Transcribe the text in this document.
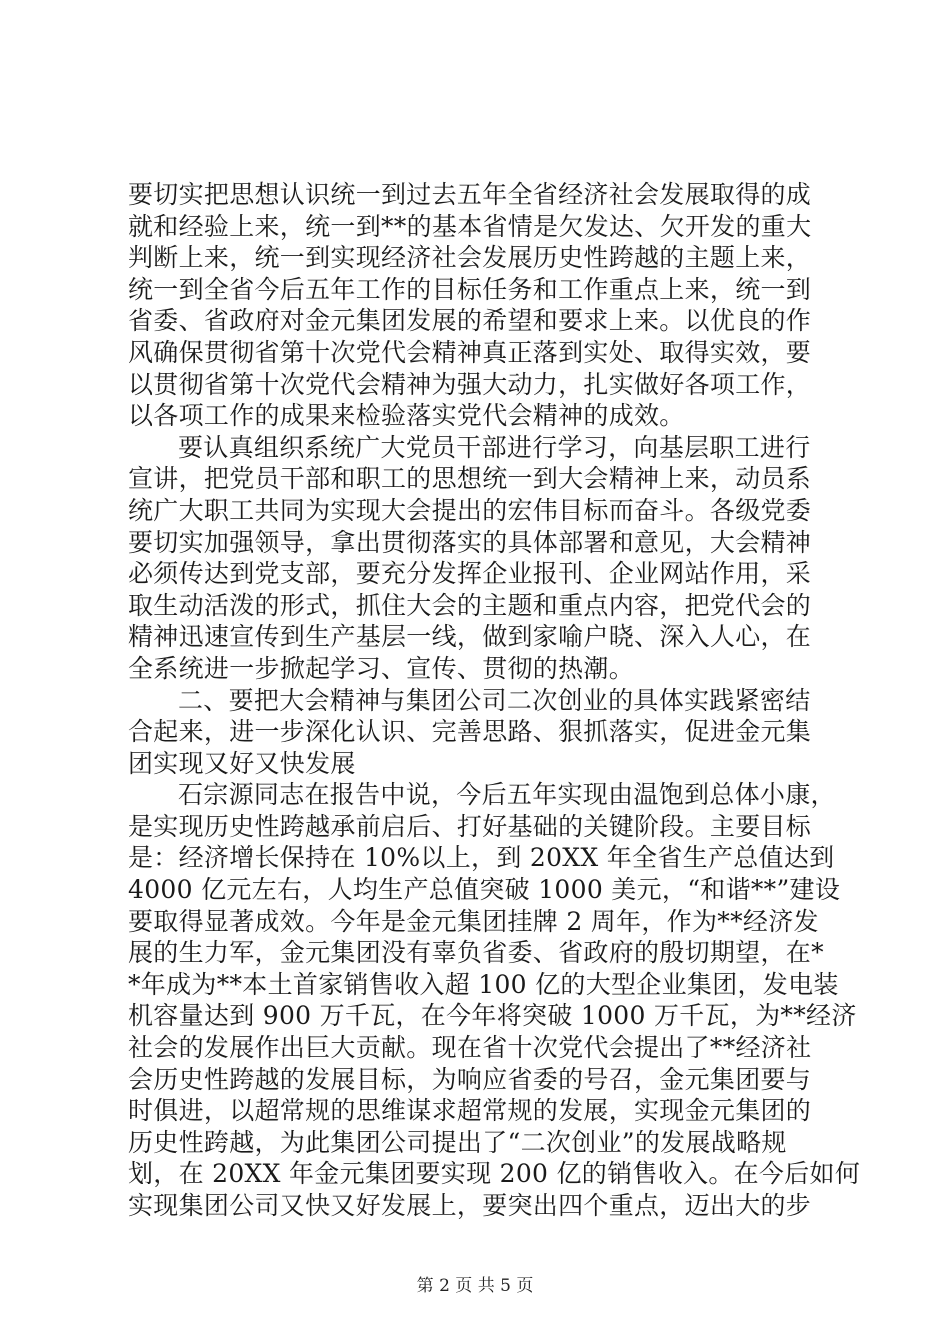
要切实把思想认识统一到过去五年全省经济社会发展取得的成
就和经验上来，统一到**的基本省情是欠发达、欠开发的重大
判断上来，统一到实现经济社会发展历史性跨越的主题上来，
统一到全省今后五年工作的目标任务和工作重点上来，统一到
省委、省政府对金元集团发展的希望和要求上来。以优良的作
风确保贯彻省第十次党代会精神真正落到实处、取得实效，要
以贯彻省第十次党代会精神为强大动力，扎实做好各项工作，
以各项工作的成果来检验落实党代会精神的成效。
要认真组织系统广大党员干部进行学习，向基层职工进行
宣讲，把党员干部和职工的思想统一到大会精神上来，动员系
统广大职工共同为实现大会提出的宏伟目标而奋斗。各级党委
要切实加强领导，拿出贯彻落实的具体部署和意见，大会精神
必须传达到党支部，要充分发挥企业报刊、企业网站作用，采
取生动活泼的形式，抓住大会的主题和重点内容，把党代会的
精神迅速宣传到生产基层一线，做到家喻户晓、深入人心，在
全系统进一步掀起学习、宣传、贯彻的热潮。
二、要把大会精神与集团公司二次创业的具体实践紧密结
合起来，进一步深化认识、完善思路、狠抓落实，促进金元集
团实现又好又快发展
石宗源同志在报告中说，今后五年实现由温饱到总体小康，
是实现历史性跨越承前启后、打好基础的关键阶段。主要目标
是：经济增长保持在 10%以上，到 20XX 年全省生产总值达到
4000 亿元左右，人均生产总值突破 1000 美元，“和谐**”建设
要取得显著成效。今年是金元集团挂牌 2 周年，作为**经济发
展的生力军，金元集团没有辜负省委、省政府的殷切期望，在*
*年成为**本土首家销售收入超 100 亿的大型企业集团，发电装
机容量达到 900 万千瓦，在今年将突破 1000 万千瓦，为**经济
社会的发展作出巨大贡献。现在省十次党代会提出了**经济社
会历史性跨越的发展目标，为响应省委的号召，金元集团要与
时俱进，以超常规的思维谋求超常规的发展，实现金元集团的
历史性跨越，为此集团公司提出了“二次创业”的发展战略规
划，在 20XX 年金元集团要实现 200 亿的销售收入。在今后如何
实现集团公司又快又好发展上，要突出四个重点，迈出大的步
第 2 页 共 5 页
